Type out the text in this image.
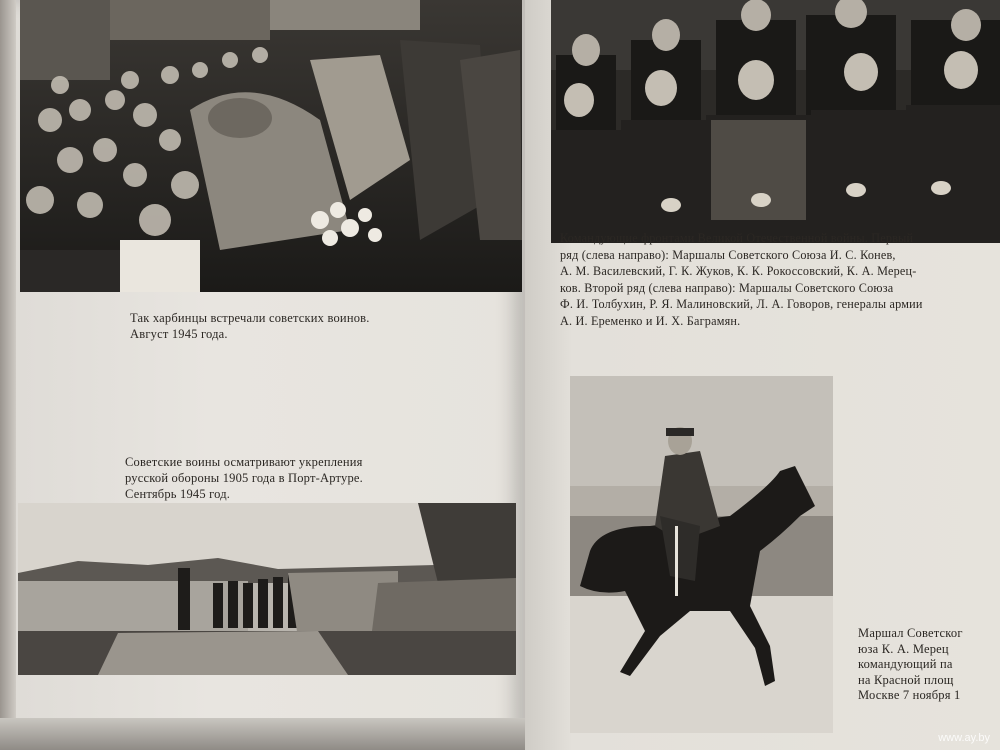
Так харбинцы встречали советских воинов.
Август 1945 года.
Советские воины осматривают укрепления
русской обороны 1905 года в Порт-Артуре.
Сентябрь 1945 год.
Командующие фронтами Великой Отечественной войны. Первый
ряд (слева направо): Маршалы Советского Союза И. С. Конев,
А. М. Василевский, Г. К. Жуков, К. К. Рокоссовский, К. А. Мерец-
ков. Второй ряд (слева направо): Маршалы Советского Союза
Ф. И. Толбухин, Р. Я. Малиновский, Л. А. Говоров, генералы армии
А. И. Еременко и И. Х. Баграмян.
Маршал Советског
юза К. А. Мерец
командующий па
на Красной площ
Москве 7 ноября 1
www.ay.by
